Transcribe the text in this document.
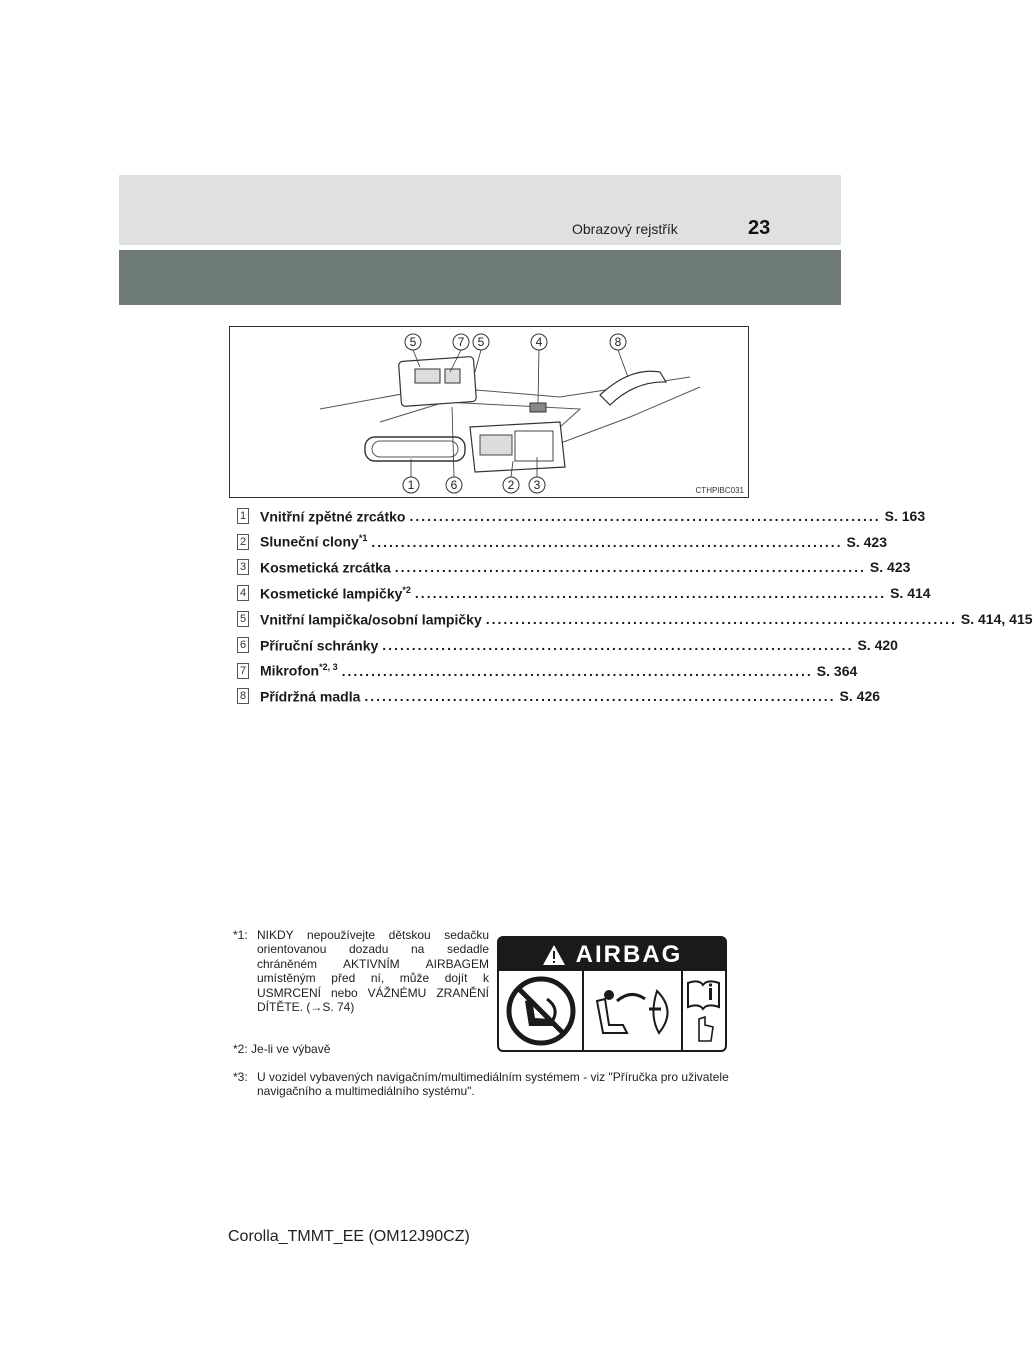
Obrazový rejstřík	23
5	7 5	4	8
1	6	2 3	CTHPIBC031
1 Vnitřní zpětné zrcátko ................................................................................ S. 163
2 Sluneční clony$^{*1}$ ................................................................................ S. 423
3 Kosmetická zrcátka ................................................................................ S. 423
4 Kosmetické lampičky$^{*2}$ ................................................................................ S. 414
5 Vnitřní lampička/osobní lampičky ................................................................................ S. 414, 415
6 Příruční schránky ................................................................................ S. 420
7 Mikrofon$^{*2, 3}$ ................................................................................ S. 364
8 Přídržná madla ................................................................................ S. 426
*1: NIKDY nepoužívejte dětskou sedačku orientovanou dozadu na sedadle chráněném AKTIVNÍM AIRBAGEM umístěným před ní, může dojít k USMRCENÍ nebo VÁŽNÉMU ZRANĚNÍ DÍTĚTE. (→S. 74)
AIRBAG
*2: Je-li ve výbavě
*3: U vozidel vybavených navigačním/multimediálním systémem - viz "Příručka pro uživatele navigačního a multimediálního systému".
Corolla_TMMT_EE (OM12J90CZ)
